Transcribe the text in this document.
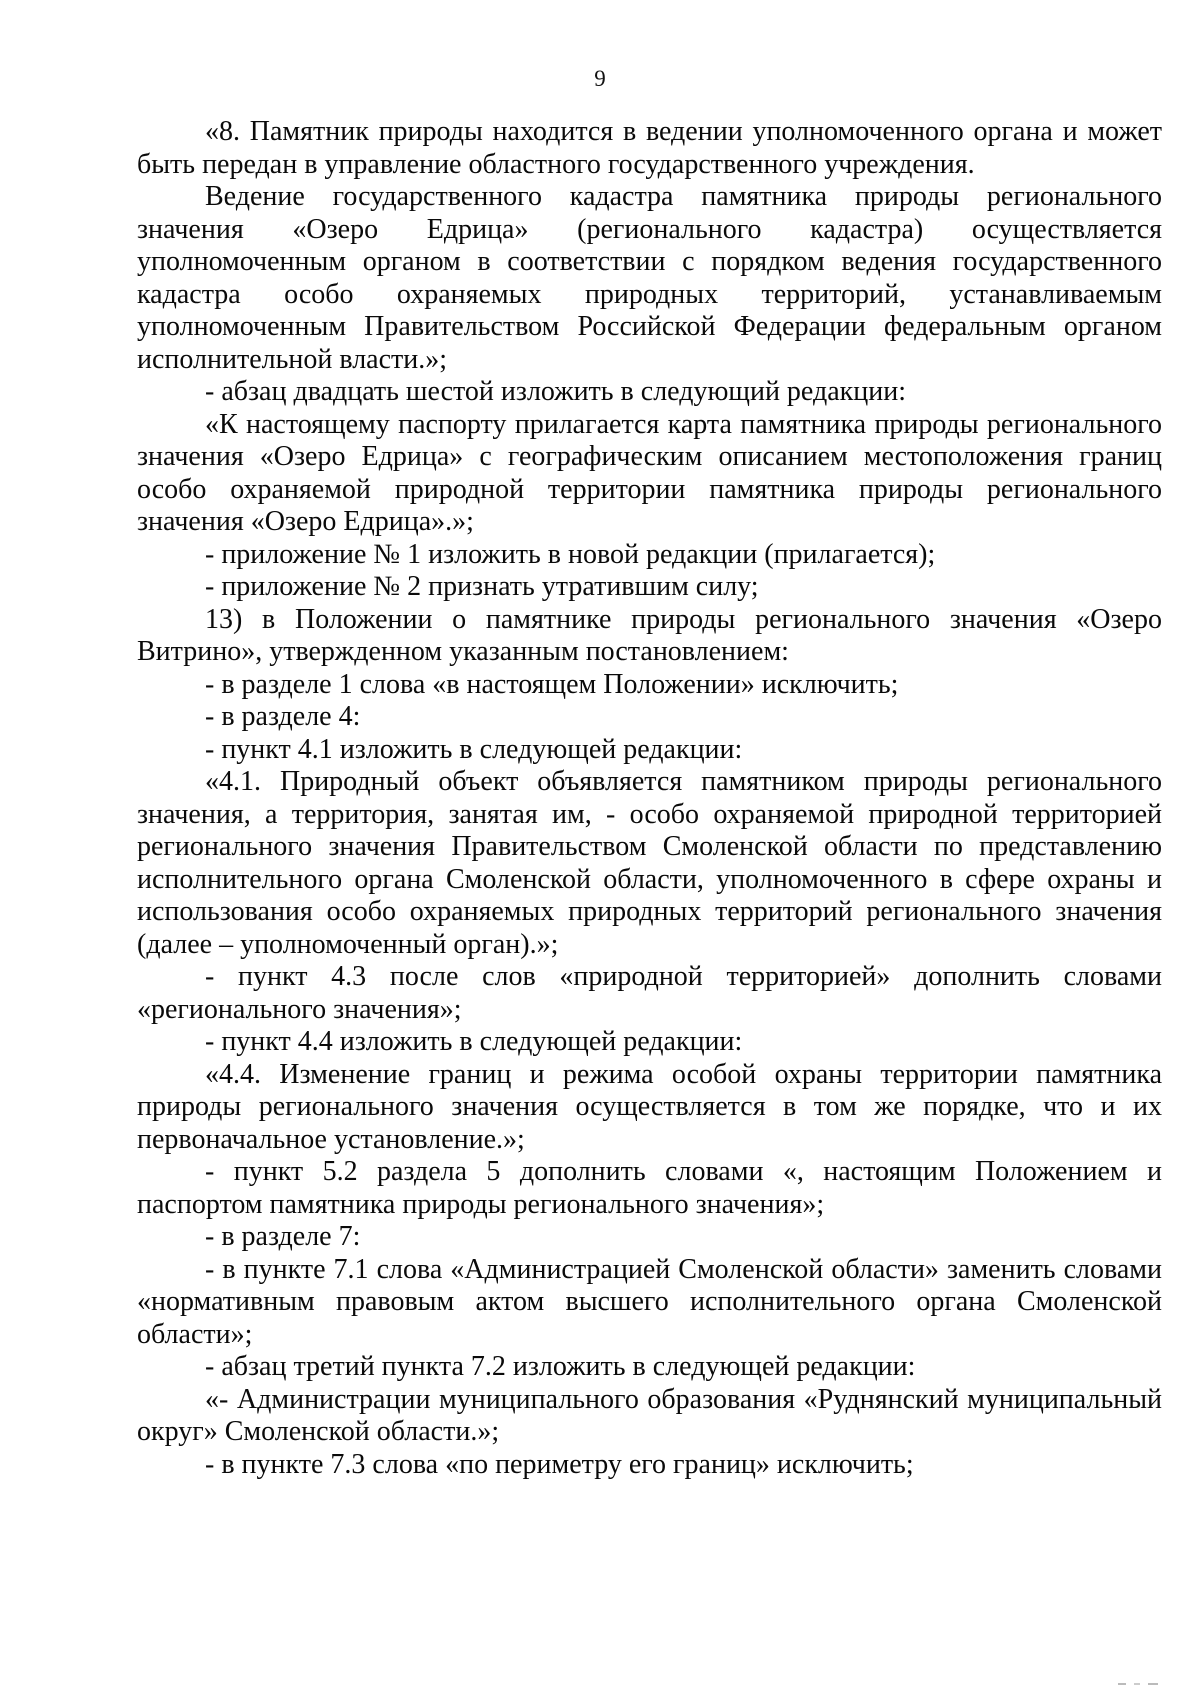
9

«8. Памятник природы находится в ведении уполномоченного органа и может быть передан в управление областного государственного учреждения.

Ведение государственного кадастра памятника природы регионального значения «Озеро Едрица» (регионального кадастра) осуществляется уполномоченным органом в соответствии с порядком ведения государственного кадастра особо охраняемых природных территорий, устанавливаемым уполномоченным Правительством Российской Федерации федеральным органом исполнительной власти.»;

- абзац двадцать шестой изложить в следующий редакции:

«К настоящему паспорту прилагается карта памятника природы регионального значения «Озеро Едрица» с географическим описанием местоположения границ особо охраняемой природной территории памятника природы регионального значения «Озеро Едрица».»;

- приложение № 1 изложить в новой редакции (прилагается);

- приложение № 2 признать утратившим силу;

13) в Положении о памятнике природы регионального значения «Озеро Витрино», утвержденном указанным постановлением:

- в разделе 1 слова «в настоящем Положении» исключить;

- в разделе 4:

- пункт 4.1 изложить в следующей редакции:

«4.1. Природный объект объявляется памятником природы регионального значения, а территория, занятая им, - особо охраняемой природной территорией регионального значения Правительством Смоленской области по представлению исполнительного органа Смоленской области, уполномоченного в сфере охраны и использования особо охраняемых природных территорий регионального значения (далее – уполномоченный орган).»;

- пункт 4.3 после слов «природной территорией» дополнить словами «регионального значения»;

- пункт 4.4 изложить в следующей редакции:

«4.4. Изменение границ и режима особой охраны территории памятника природы регионального значения осуществляется в том же порядке, что и их первоначальное установление.»;

- пункт 5.2 раздела 5 дополнить словами «, настоящим Положением и паспортом памятника природы регионального значения»;

- в разделе 7:

- в пункте 7.1 слова «Администрацией Смоленской области» заменить словами «нормативным правовым актом высшего исполнительного органа Смоленской области»;

- абзац третий пункта 7.2 изложить в следующей редакции:

«- Администрации муниципального образования «Руднянский муниципальный округ» Смоленской области.»;

- в пункте 7.3 слова «по периметру его границ» исключить;
